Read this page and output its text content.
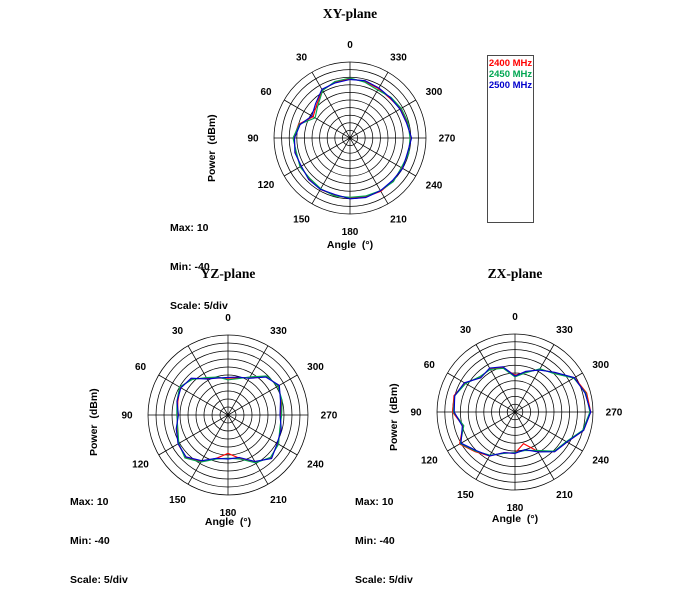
0
30
60
90
120
150
180
210
240
270
300
330
0
30
60
90
120
150
180
210
240
270
300
330
0
30
60
90
120
150
180
210
240
270
300
330
XY-plane
YZ-plane	ZX-plane
Power  (dBm)
Power  (dBm)	Power  (dBm)
Angle  (°)
Angle  (°)	Angle  (°)

Max: 10

Min: -40

Scale: 5/div

Max: 10

Min: -40

Scale: 5/div

Max: 10

Min: -40

Scale: 5/div

2400 MHz
2450 MHz
2500 MHz
